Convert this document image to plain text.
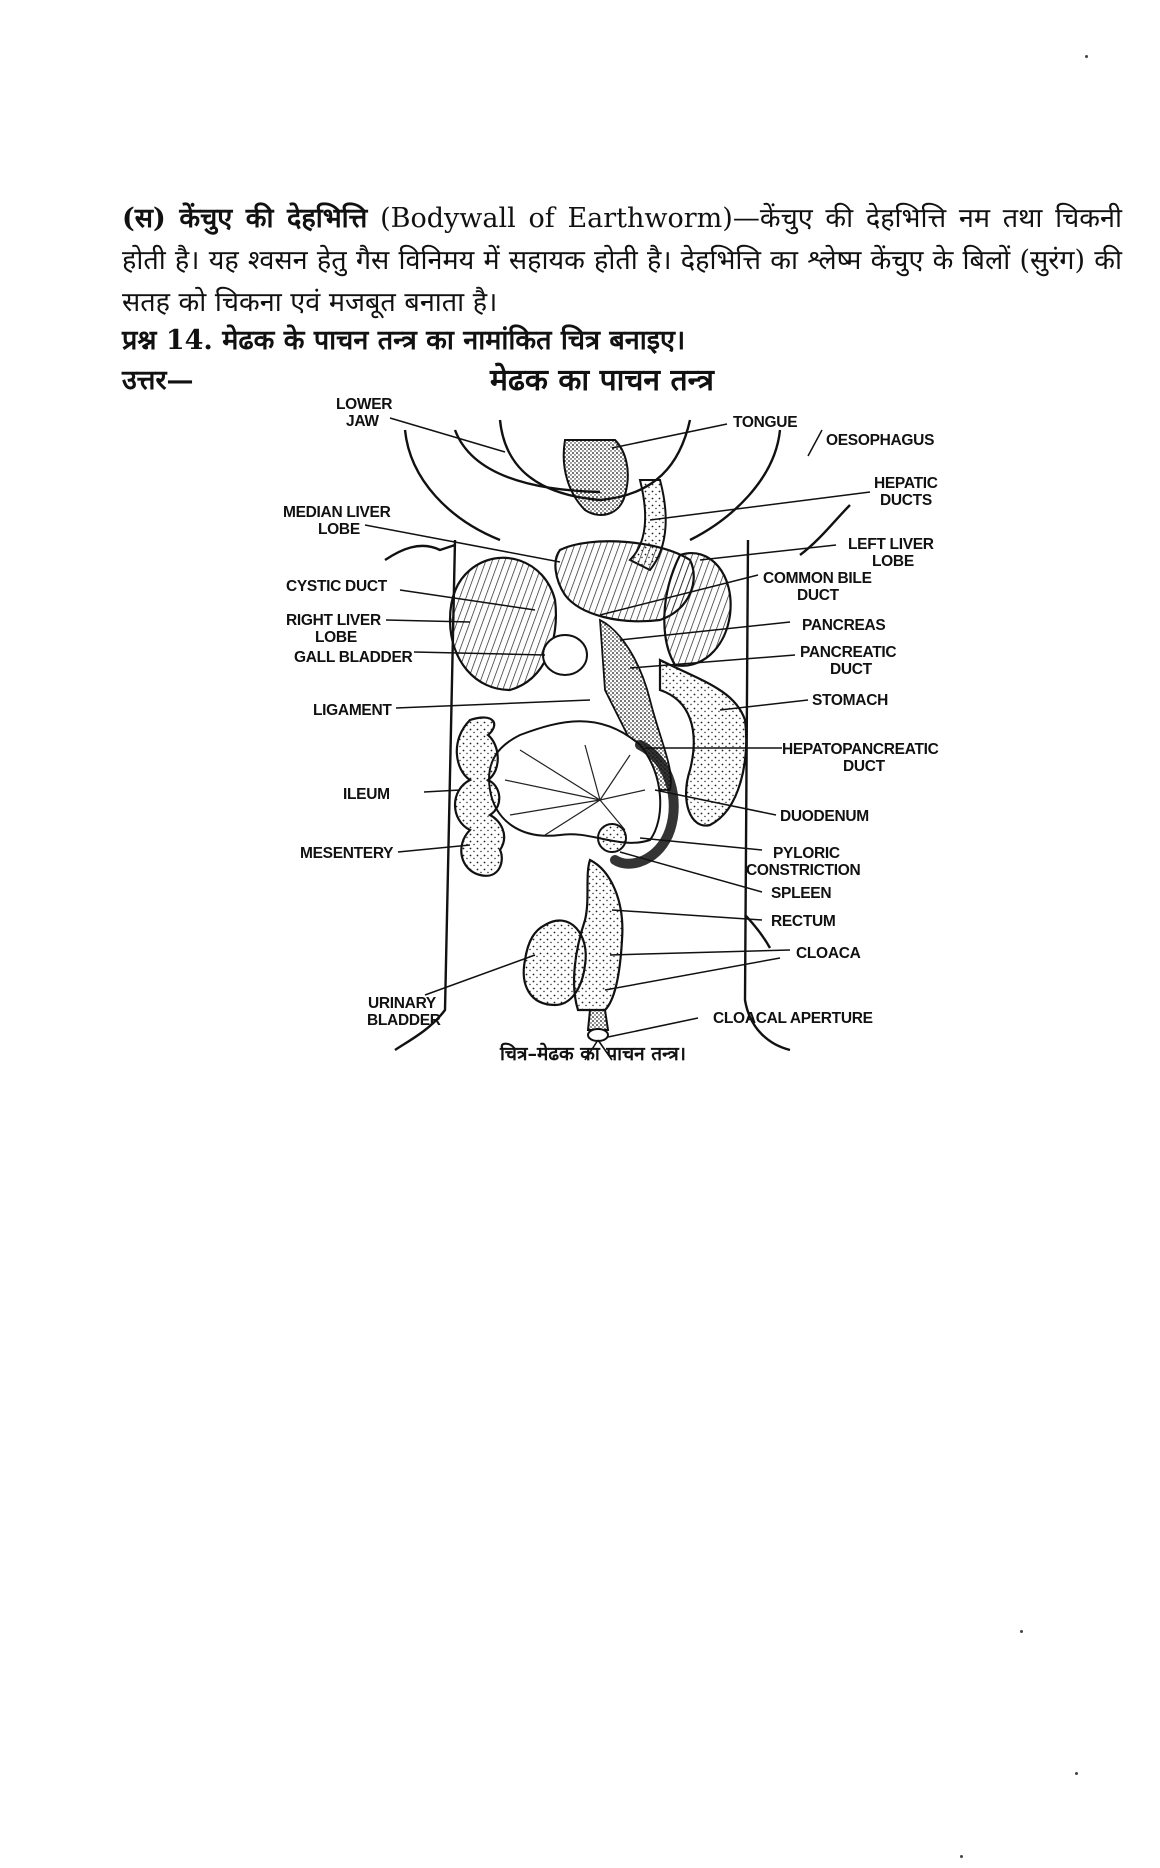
(स) केंचुए की देहभित्ति (Bodywall of Earthworm)—केंचुए की देहभित्ति नम तथा चिकनी होती है। यह श्वसन हेतु गैस विनिमय में सहायक होती है। देहभित्ति का श्लेष्म केंचुए के बिलों (सुरंग) की सतह को चिकना एवं मजबूत बनाता है।
प्रश्न 14. मेढक के पाचन तन्त्र का नामांकित चित्र बनाइए।
उत्तर—	मेढक का पाचन तन्त्र
LOWER
JAW	TONGUE
OESOPHAGUS
HEPATIC
DUCTS
MEDIAN LIVER
LOBE
LEFT LIVER
LOBE
CYSTIC DUCT	COMMON BILE
DUCT
RIGHT LIVER
LOBE
PANCREAS
GALL BLADDER	PANCREATIC
DUCT
STOMACH
LIGAMENT
HEPATOPANCREATIC
DUCT
ILEUM
DUODENUM
MESENTERY	PYLORIC
CONSTRICTION
SPLEEN
RECTUM
CLOACA
URINARY
BLADDER	CLOACAL APERTURE
चित्र–मेढक का पाचन तन्त्र।
